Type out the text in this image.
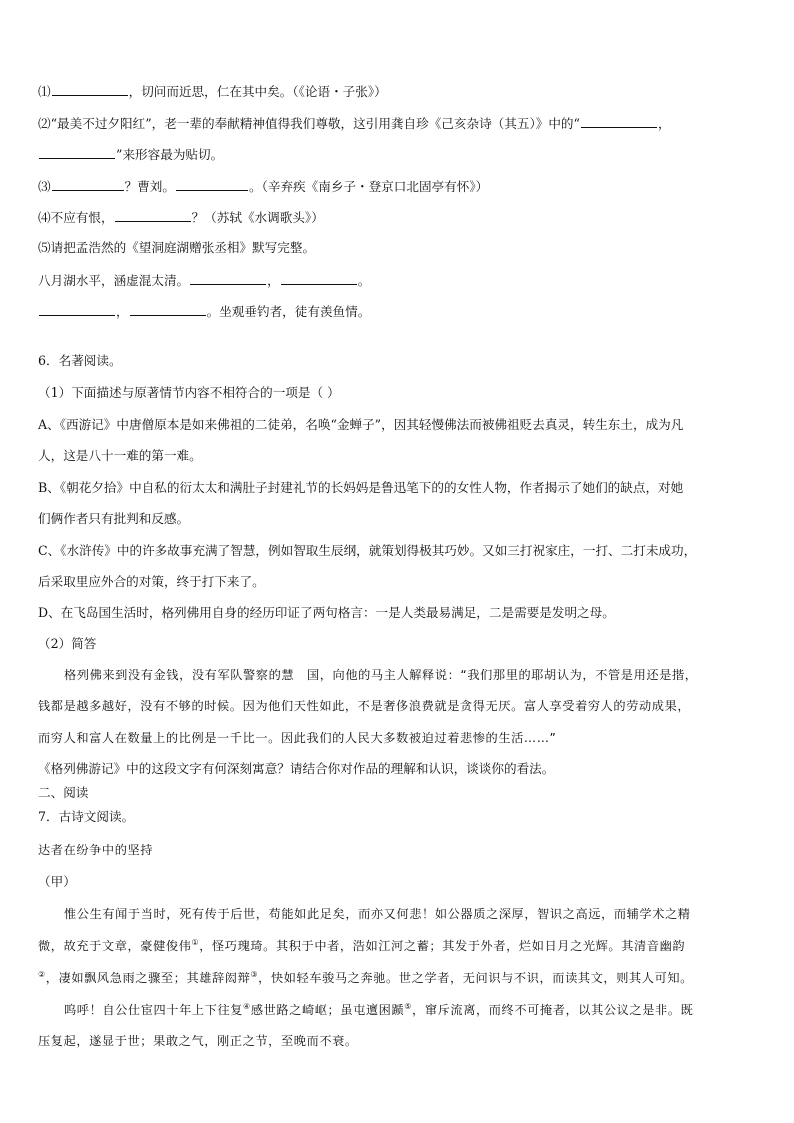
⑴	，切问而近思，仁在其中矣。（《论语・子张》）
⑵“最美不过夕阳红”，老一辈的奉献精神值得我们尊敬，这引用龚自珍《己亥杂诗（其五）》中的“	，
”来形容最为贴切。
⑶	？曹刘。	。（辛弃疾《南乡子・登京口北固亭有怀》）
⑷不应有恨，	？（苏轼《水调歌头》）
⑸请把孟浩然的《望洞庭湖赠张丞相》默写完整。
八月湖水平，涵虚混太清。	，	。
，	。坐观垂钓者，徒有羡鱼情。
6．名著阅读。
（1）下面描述与原著情节内容不相符合的一项是（ ）
A、《西游记》中唐僧原本是如来佛祖的二徒弟，名唤“金蝉子”，因其轻慢佛法而被佛祖贬去真灵，转生东土，成为凡
人，这是八十一难的第一难。
B、《朝花夕拾》中自私的衍太太和满肚子封建礼节的长妈妈是鲁迅笔下的的女性人物，作者揭示了她们的缺点，对她
们俩作者只有批判和反感。
C、《水浒传》中的许多故事充满了智慧，例如智取生辰纲，就策划得极其巧妙。又如三打祝家庄，一打、二打未成功，
后采取里应外合的对策，终于打下来了。
D、在飞岛国生活时，格列佛用自身的经历印证了两句格言：一是人类最易满足，二是需要是发明之母。
（2）简答
格列佛来到没有金钱，没有军队警察的慧　国，向他的马主人解释说：“我们那里的耶胡认为，不管是用还是揩，
钱都是越多越好，没有不够的时候。因为他们天性如此，不是奢侈浪费就是贪得无厌。富人享受着穷人的劳动成果，
而穷人和富人在数量上的比例是一千比一。因此我们的人民大多数被迫过着悲惨的生活……”
《格列佛游记》中的这段文字有何深刻寓意？请结合你对作品的理解和认识，谈谈你的看法。
二、阅读
7．古诗文阅读。
达者在纷争中的坚持
（甲）
惟公生有闻于当时，死有传于后世，苟能如此足矣，而亦又何悲！如公器质之深厚，智识之高远，而辅学术之精
微，故充于文章，豪健俊伟①，怪巧瑰琦。其积于中者，浩如江河之蓄；其发于外者，烂如日月之光辉。其清音幽韵
②，凄如飘风急雨之骤至；其雄辞闳辩③，快如轻车骏马之奔驰。世之学者，无问识与不识，而读其文，则其人可知。
呜呼！自公仕宦四十年上下往复④感世路之崎岖；虽屯邅困踬⑤，窜斥流离，而终不可掩者，以其公议之是非。既
压复起，遂显于世；果敢之气，刚正之节，至晚而不衰。
